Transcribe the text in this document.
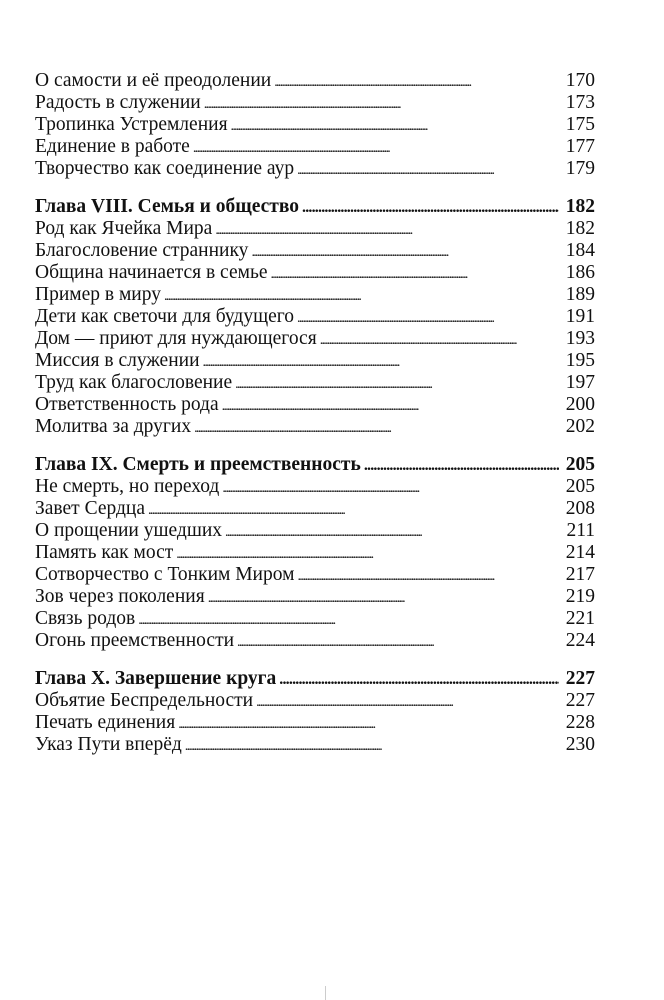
О самости и её преодолении . . .	170
Радость в служении . . .	173
Тропинка Устремления . . .	175
Единение в работе . . .	177
Творчество как соединение аур . . .	179
Глава VIII. Семья и общество . . .	182
Род как Ячейка Мира . . .	182
Благословение страннику . . .	184
Община начинается в семье . . .	186
Пример в миру . . .	189
Дети как светочи для будущего . . .	191
Дом — приют для нуждающегося . . .	193
Миссия в служении . . .	195
Труд как благословение . . .	197
Ответственность рода . . .	200
Молитва за других . . .	202
Глава IX. Смерть и преемственность . . .	205
Не смерть, но переход . . .	205
Завет Сердца . . .	208
О прощении ушедших . . .	211
Память как мост . . .	214
Сотворчество с Тонким Миром . . .	217
Зов через поколения . . .	219
Связь родов . . .	221
Огонь преемственности . . .	224
Глава X. Завершение круга . . .	227
Объятие Беспредельности . . .	227
Печать единения . . .	228
Указ Пути вперёд . . .	230
